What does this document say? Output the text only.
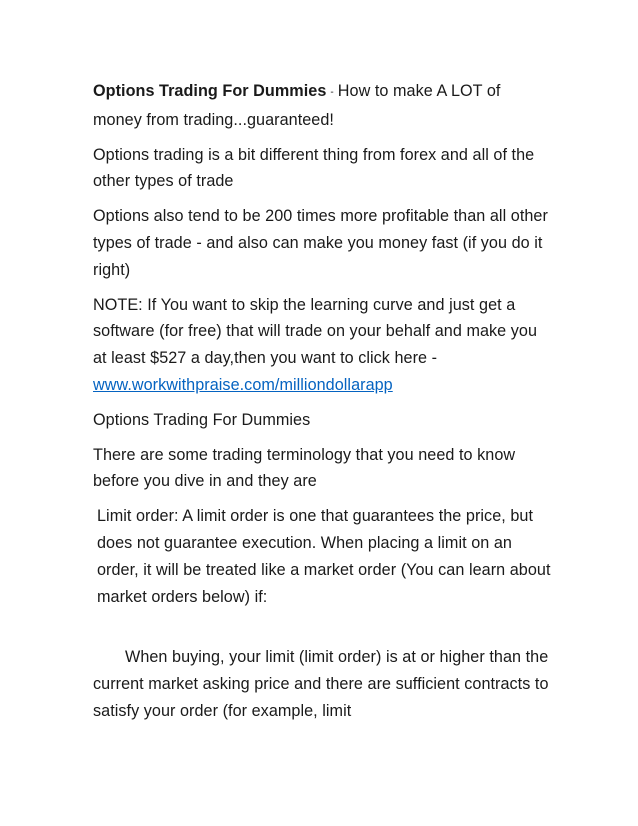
Options Trading For Dummies - How to make A LOT of money from trading...guaranteed!

Options trading is a bit different thing from forex and all of the other types of trade

Options also tend to be 200 times more profitable than all other types of trade - and also can make you money fast (if you do it right)

NOTE: If You want to skip the learning curve and just get a software (for free) that will trade on your behalf and make you at least $527 a day,then you want to click here - www.workwithpraise.com/milliondollarapp

Options Trading For Dummies

There are some trading terminology that you need to know before you dive in and they are

Limit order: A limit order is one that guarantees the price, but does not guarantee execution. When placing a limit on an order, it will be treated like a market order (You can learn about market orders below) if:

When buying, your limit (limit order) is at or higher than the current market asking price and there are sufficient contracts to satisfy your order (for example, limit
